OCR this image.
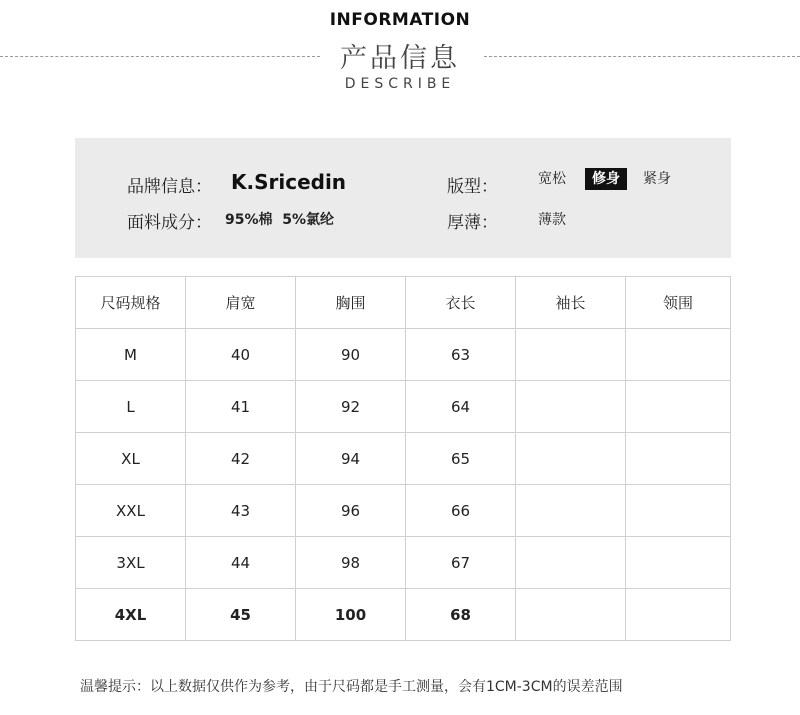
INFORMATION
产品信息
DESCRIBE
品牌信息： K.Sricedin
面料成分： 95%棉  5%氯纶
版型：	宽松	修身	紧身
厚薄：	薄款
尺码规格	肩宽	胸围	衣长	袖长	领围
M	40	90	63		
L	41	92	64		
XL	42	94	65		
XXL	43	96	66		
3XL	44	98	67		
4XL	45	100	68		
温馨提示：以上数据仅供作为参考，由于尺码都是手工测量，会有1CM-3CM的误差范围
